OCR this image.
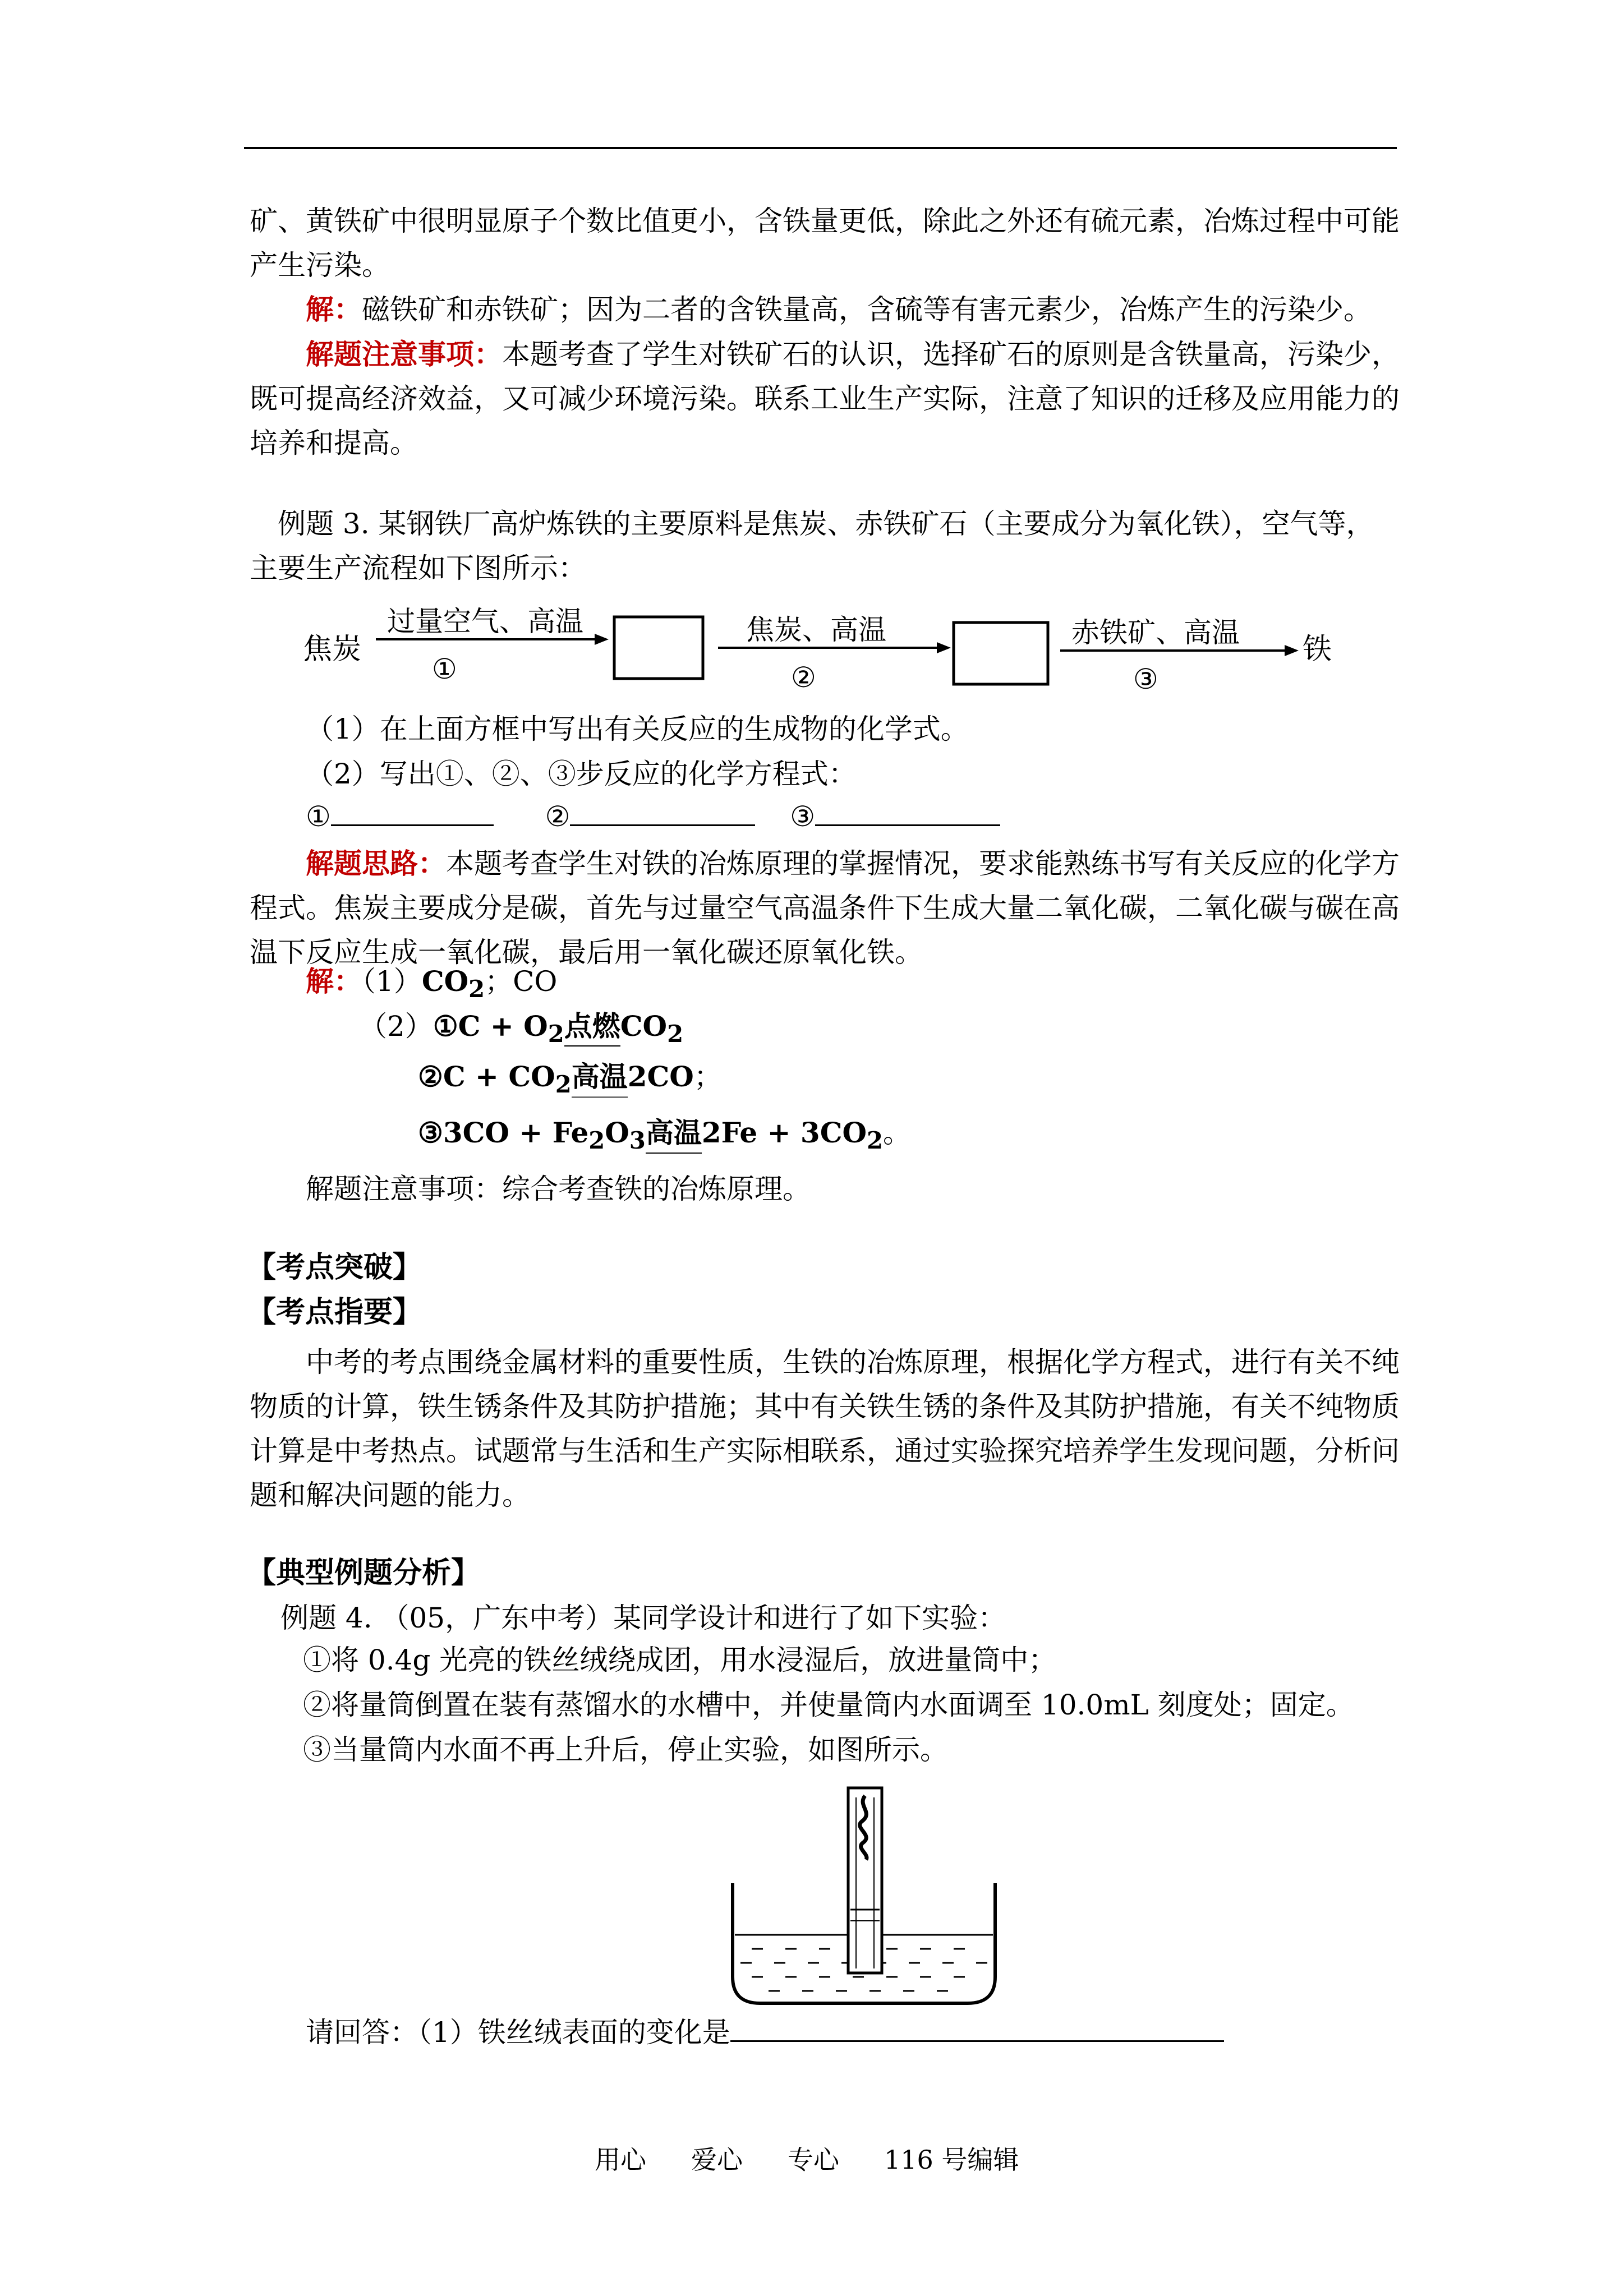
矿、黄铁矿中很明显原子个数比值更小，含铁量更低，除此之外还有硫元素，冶炼过程中可能产生污染。

解：磁铁矿和赤铁矿；因为二者的含铁量高，含硫等有害元素少，冶炼产生的污染少。

解题注意事项：本题考查了学生对铁矿石的认识，选择矿石的原则是含铁量高，污染少，既可提高经济效益，又可减少环境污染。联系工业生产实际，注意了知识的迁移及应用能力的培养和提高。

例题 3. 某钢铁厂高炉炼铁的主要原料是焦炭、赤铁矿石（主要成分为氧化铁），空气等，主要生产流程如下图所示：

焦炭
过量空气、高温
①
焦炭、高温
②
赤铁矿、高温
③
铁

（1）在上面方框中写出有关反应的生成物的化学式。

（2）写出①、②、③步反应的化学方程式：

①	②	③

解题思路：本题考查学生对铁的冶炼原理的掌握情况，要求能熟练书写有关反应的化学方程式。焦炭主要成分是碳，首先与过量空气高温条件下生成大量二氧化碳，二氧化碳与碳在高温下反应生成一氧化碳，最后用一氧化碳还原氧化铁。

解：$(1)CO_2$；CO

（2）①C + $O_2$点燃$CO_2$

②C + $CO_2$高温2CO；

③3CO + $Fe_2O_3$高温$2Fe + 3CO_2$。

解题注意事项：综合考查铁的冶炼原理。

【考点突破】

【考点指要】

中考的考点围绕金属材料的重要性质，生铁的冶炼原理，根据化学方程式，进行有关不纯物质的计算，铁生锈条件及其防护措施；其中有关铁生锈的条件及其防护措施，有关不纯物质计算是中考热点。试题常与生活和生产实际相联系，通过实验探究培养学生发现问题，分析问题和解决问题的能力。

【典型例题分析】

例题 4. （05，广东中考）某同学设计和进行了如下实验：

①将 0.4g 光亮的铁丝绒绕成团，用水浸湿后，放进量筒中；

②将量筒倒置在装有蒸馏水的水槽中，并使量筒内水面调至 10.0mL 刻度处；固定。

③当量筒内水面不再上升后，停止实验，如图所示。

请回答：（1）铁丝绒表面的变化是

用心 爱心 专心 116 号编辑
